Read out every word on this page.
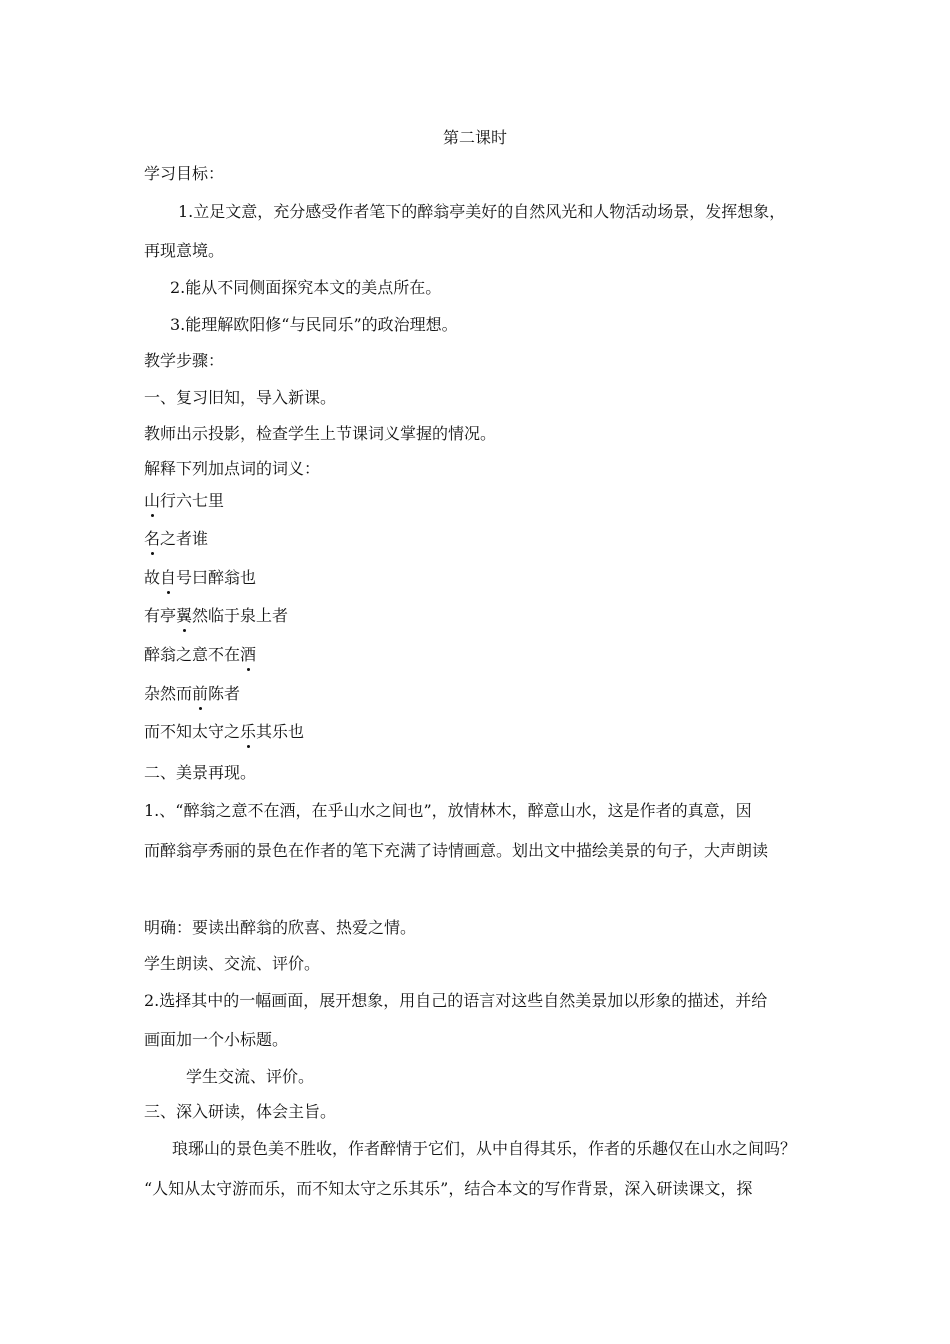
第二课时

学习目标：

1.立足文意，充分感受作者笔下的醉翁亭美好的自然风光和人物活动场景，发挥想象，

再现意境。

2.能从不同侧面探究本文的美点所在。

3.能理解欧阳修“与民同乐”的政治理想。

教学步骤：

一、复习旧知，导入新课。

教师出示投影，检查学生上节课词义掌握的情况。

解释下列加点词的词义：

山
行六七里

名
之者谁

故自
号曰醉翁也

有亭翼
然临于泉上者

醉翁之意不在酒

杂然而前
陈者

而不知太守之乐
其乐也

二、美景再现。

1.、“醉翁之意不在酒，在乎山水之间也”，放情林木，醉意山水，这是作者的真意，因

而醉翁亭秀丽的景色在作者的笔下充满了诗情画意。划出文中描绘美景的句子，大声朗读

明确：要读出醉翁的欣喜、热爱之情。

学生朗读、交流、评价。

2.选择其中的一幅画面，展开想象，用自己的语言对这些自然美景加以形象的描述，并给

画面加一个小标题。

学生交流、评价。

三、深入研读，体会主旨。

琅琊山的景色美不胜收，作者醉情于它们，从中自得其乐，作者的乐趣仅在山水之间吗？

“人知从太守游而乐，而不知太守之乐其乐”，结合本文的写作背景，深入研读课文，探
